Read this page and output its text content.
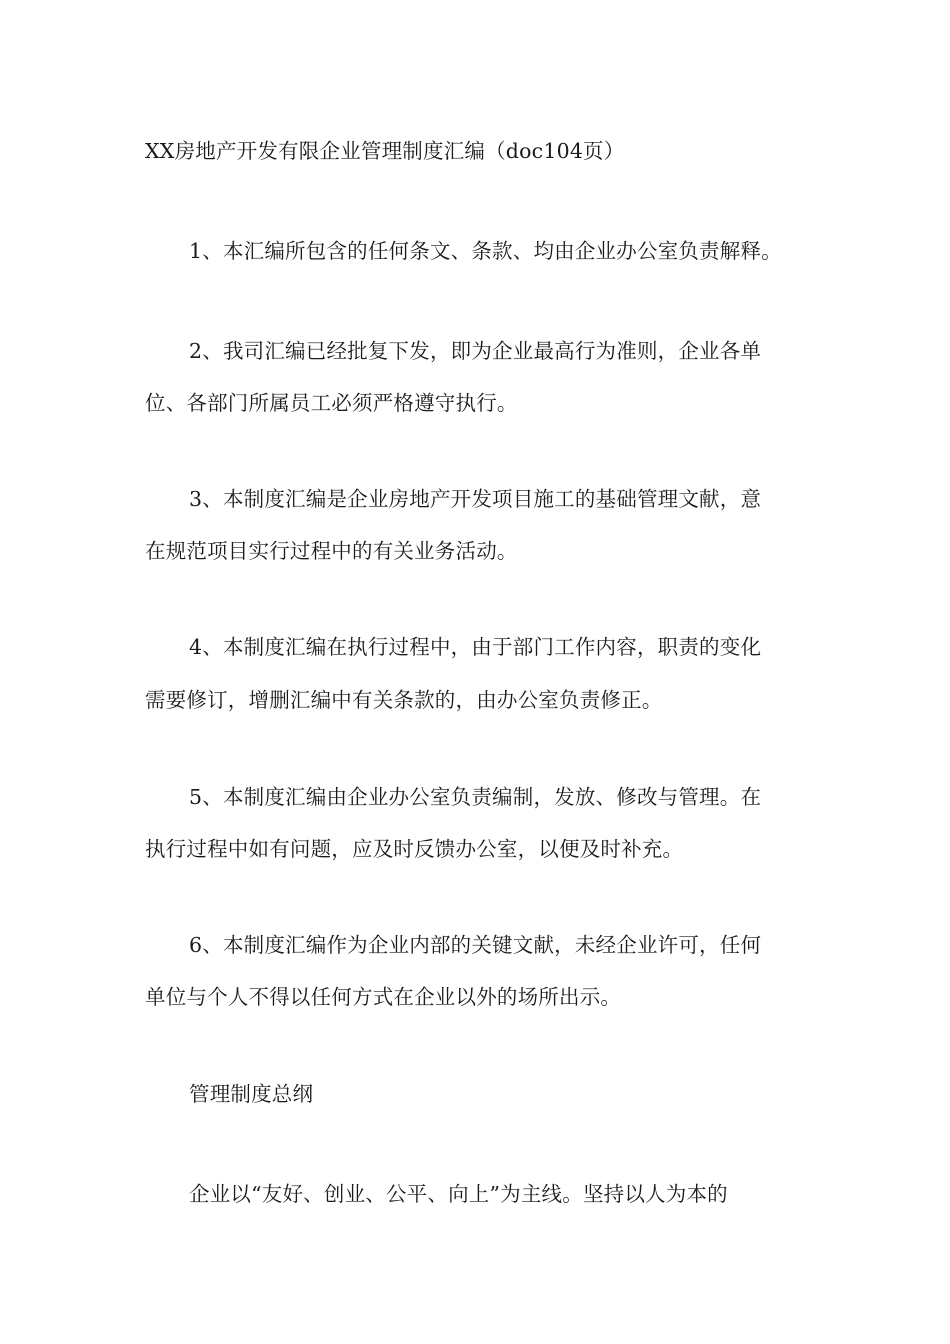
XX房地产开发有限企业管理制度汇编（doc104页）
1、本汇编所包含的任何条文、条款、均由企业办公室负责解释。
2、我司汇编已经批复下发，即为企业最高行为准则，企业各单
位、各部门所属员工必须严格遵守执行。
3、本制度汇编是企业房地产开发项目施工的基础管理文献，意
在规范项目实行过程中的有关业务活动。
4、本制度汇编在执行过程中，由于部门工作内容，职责的变化
需要修订，增删汇编中有关条款的，由办公室负责修正。
5、本制度汇编由企业办公室负责编制，发放、修改与管理。在
执行过程中如有问题，应及时反馈办公室，以便及时补充。
6、本制度汇编作为企业内部的关键文献，未经企业许可，任何
单位与个人不得以任何方式在企业以外的场所出示。
管理制度总纲
企业以“友好、创业、公平、向上”为主线。坚持以人为本的
